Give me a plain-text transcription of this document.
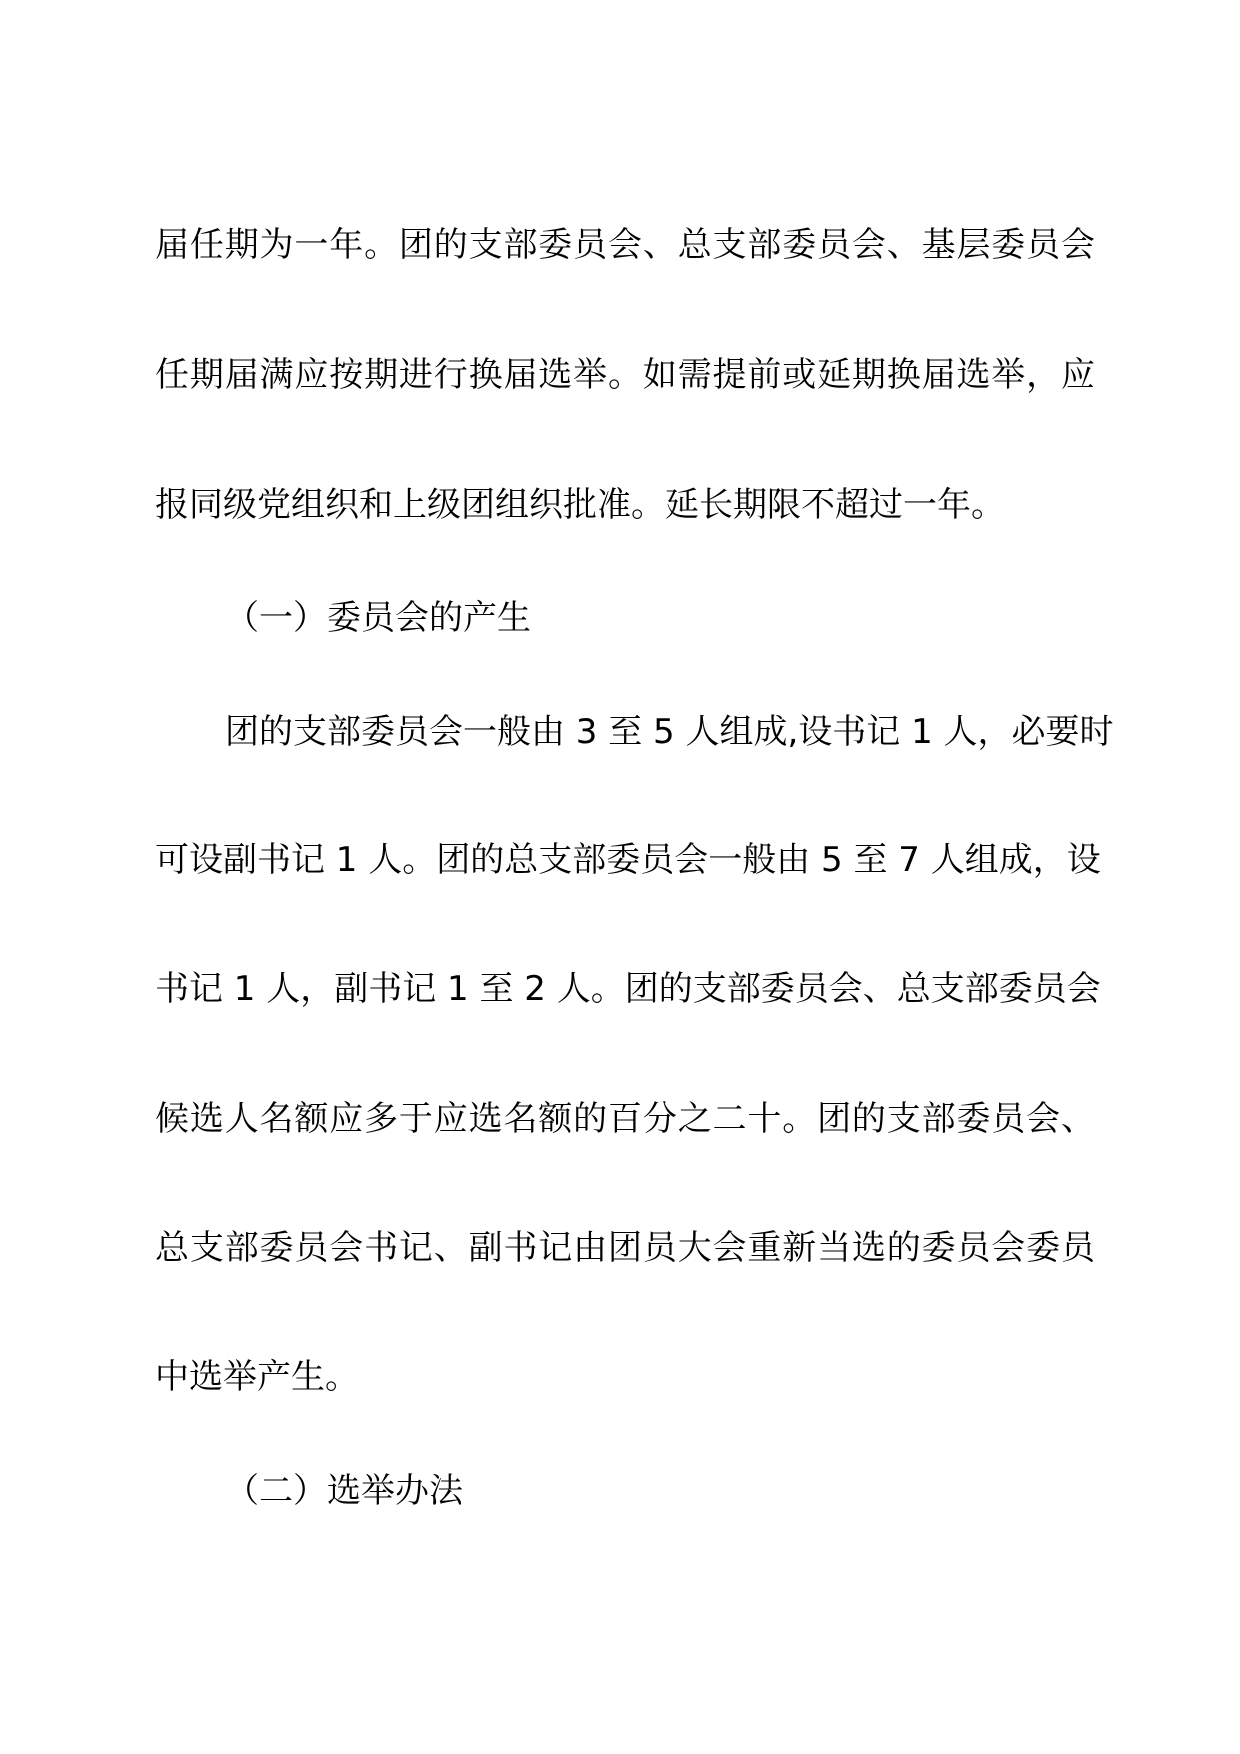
届任期为一年。团的支部委员会、总支部委员会、基层委员会
任期届满应按期进行换届选举。如需提前或延期换届选举，应
报同级党组织和上级团组织批准。延长期限不超过一年。
（一）委员会的产生
团的支部委员会一般由 3 至 5 人组成,设书记 1 人，必要时
可设副书记 1 人。团的总支部委员会一般由 5 至 7 人组成，设
书记 1 人，副书记 1 至 2 人。团的支部委员会、总支部委员会
候选人名额应多于应选名额的百分之二十。团的支部委员会、
总支部委员会书记、副书记由团员大会重新当选的委员会委员
中选举产生。
（二）选举办法
